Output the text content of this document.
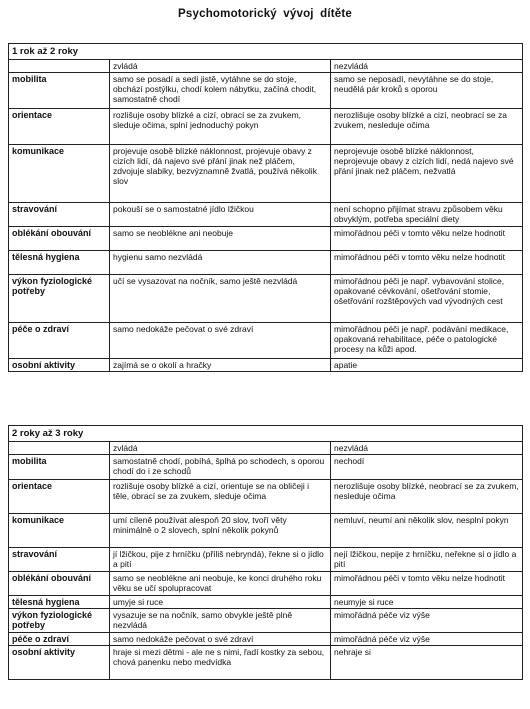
Psychomotorický vývoj dítěte
1 rok až 2 roky		
	zvládá	nezvládá
mobilita	samo se posadí a sedí jistě, vytáhne se do stoje, obchází postýlku, chodí kolem nábytku, začíná chodit, samostatně chodí	samo se neposadí, nevytáhne se do stoje, neudělá pár kroků s oporou
orientace	rozlišuje osoby blízké a cizí, obrací se za zvukem, sleduje očima, splní jednoduchý pokyn	nerozlišuje osoby blízké a cizí, neobrací se za zvukem, nesleduje očima
komunikace	projevuje osobě blízké náklonnost, projevuje obavy z cizích lidí, dá najevo své přání jinak než pláčem, zdvojuje slabiky, bezvýznamně žvatlá, používá několik slov	neprojevuje osobě blízké náklonnost, neprojevuje obavy z cizích lidí, nedá najevo své přání jinak než pláčem, nežvatlá
stravování	pokouší se o samostatné jídlo lžičkou	není schopno přijímat stravu způsobem věku obvyklým, potřeba speciální diety
oblékání obouvání	samo se neobléknе ani neobuje	mimořádnou péči v tomto věku nelze hodnotit
tělesná hygiena	hygienu samo nezvládá	mimořádnou péči v tomto věku nelze hodnotit
výkon fyziologické potřeby	učí se vysazovat na nočník, samo ještě nezvládá	mimořádnou péči je např. vybavování stolice, opakované cévkování, ošetřování stomie, ošetřování rozštěpových vad vývodných cest
péče o zdraví	samo nedokáže pečovat o své zdraví	mimořádnou péči je např. podávání medikace, opakovaná rehabilitace, péče o patologické procesy na kůži apod.
osobní aktivity	zajímá se o okolí a hračky	apatie
2 roky až 3 roky		
	zvládá	nezvládá
mobilita	samostatně chodí, pobíhá, šplhá po schodech, s oporou chodí do i ze schodů	nechodí
orientace	rozlišuje osoby blízké a cizí, orientuje se na obličeji i těle, obrací se za zvukem, sleduje očima	nerozlišuje osoby blízké, neobrací se za zvukem, nesleduje očima
komunikace	umí cíleně používat alespoň 20 slov, tvoří věty minimálně o 2 slovech, splní několik pokynů	nemluví, neumí ani několik slov, nesplní pokyn
stravování	jí lžičkou, pije z hrníčku (příliš nebryndá), řekne si o jídlo a pití	nejí lžičkou, nepije z hrníčku, neřekne si o jídlo a pití
oblékání obouvání	samo se neobléknе ani neobuje, ke konci druhého roku věku se učí spolupracovat	mimořádnou péči v tomto věku nelze hodnotit
tělesná hygiena	umyje si ruce	neumyje si ruce
výkon fyziologické potřeby	vysazuje se na nočník, samo obvykle ještě plně nezvládá	mimořádná péče viz výše
péče o zdraví	samo nedokáže pečovat o své zdraví	mimořádná péče viz výše
osobní aktivity	hraje si mezi dětmi - ale ne s nimi, řadí kostky za sebou, chová panenku nebo medvídka	nehraje si
